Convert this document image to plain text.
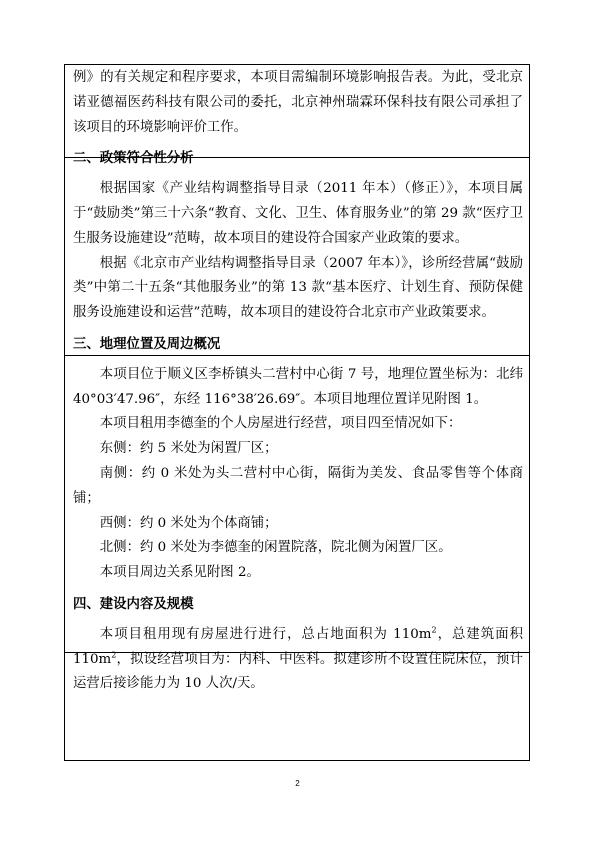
例》的有关规定和程序要求，本项目需编制环境影响报告表。为此，受北京诺亚德福医药科技有限公司的委托，北京神州瑞霖环保科技有限公司承担了该项目的环境影响评价工作。

二、政策符合性分析

根据国家《产业结构调整指导目录（2011 年本）（修正）》，本项目属于“鼓励类”第三十六条“教育、文化、卫生、体育服务业”的第 29 款“医疗卫生服务设施建设”范畴，故本项目的建设符合国家产业政策的要求。

根据《北京市产业结构调整指导目录（2007 年本）》，诊所经营属“鼓励类”中第二十五条“其他服务业”的第 13 款“基本医疗、计划生育、预防保健服务设施建设和运营”范畴，故本项目的建设符合北京市产业政策要求。

三、地理位置及周边概况

本项目位于顺义区李桥镇头二营村中心街 7 号，地理位置坐标为：北纬 40°03′47.96″，东经 116°38′26.69″。本项目地理位置详见附图 1。

本项目租用李德奎的个人房屋进行经营，项目四至情况如下：

东侧：约 5 米处为闲置厂区；

南侧：约 0 米处为头二营村中心街，隔街为美发、食品零售等个体商铺；

西侧：约 0 米处为个体商铺；

北侧：约 0 米处为李德奎的闲置院落，院北侧为闲置厂区。

本项目周边关系见附图 2。

四、建设内容及规模

本项目租用现有房屋进行进行，总占地面积为 $110m^2$，总建筑面积 $110m^2$，拟设经营项目为：内科、中医科。拟建诊所不设置住院床位，预计运营后接诊能力为 10 人次/天。

2
